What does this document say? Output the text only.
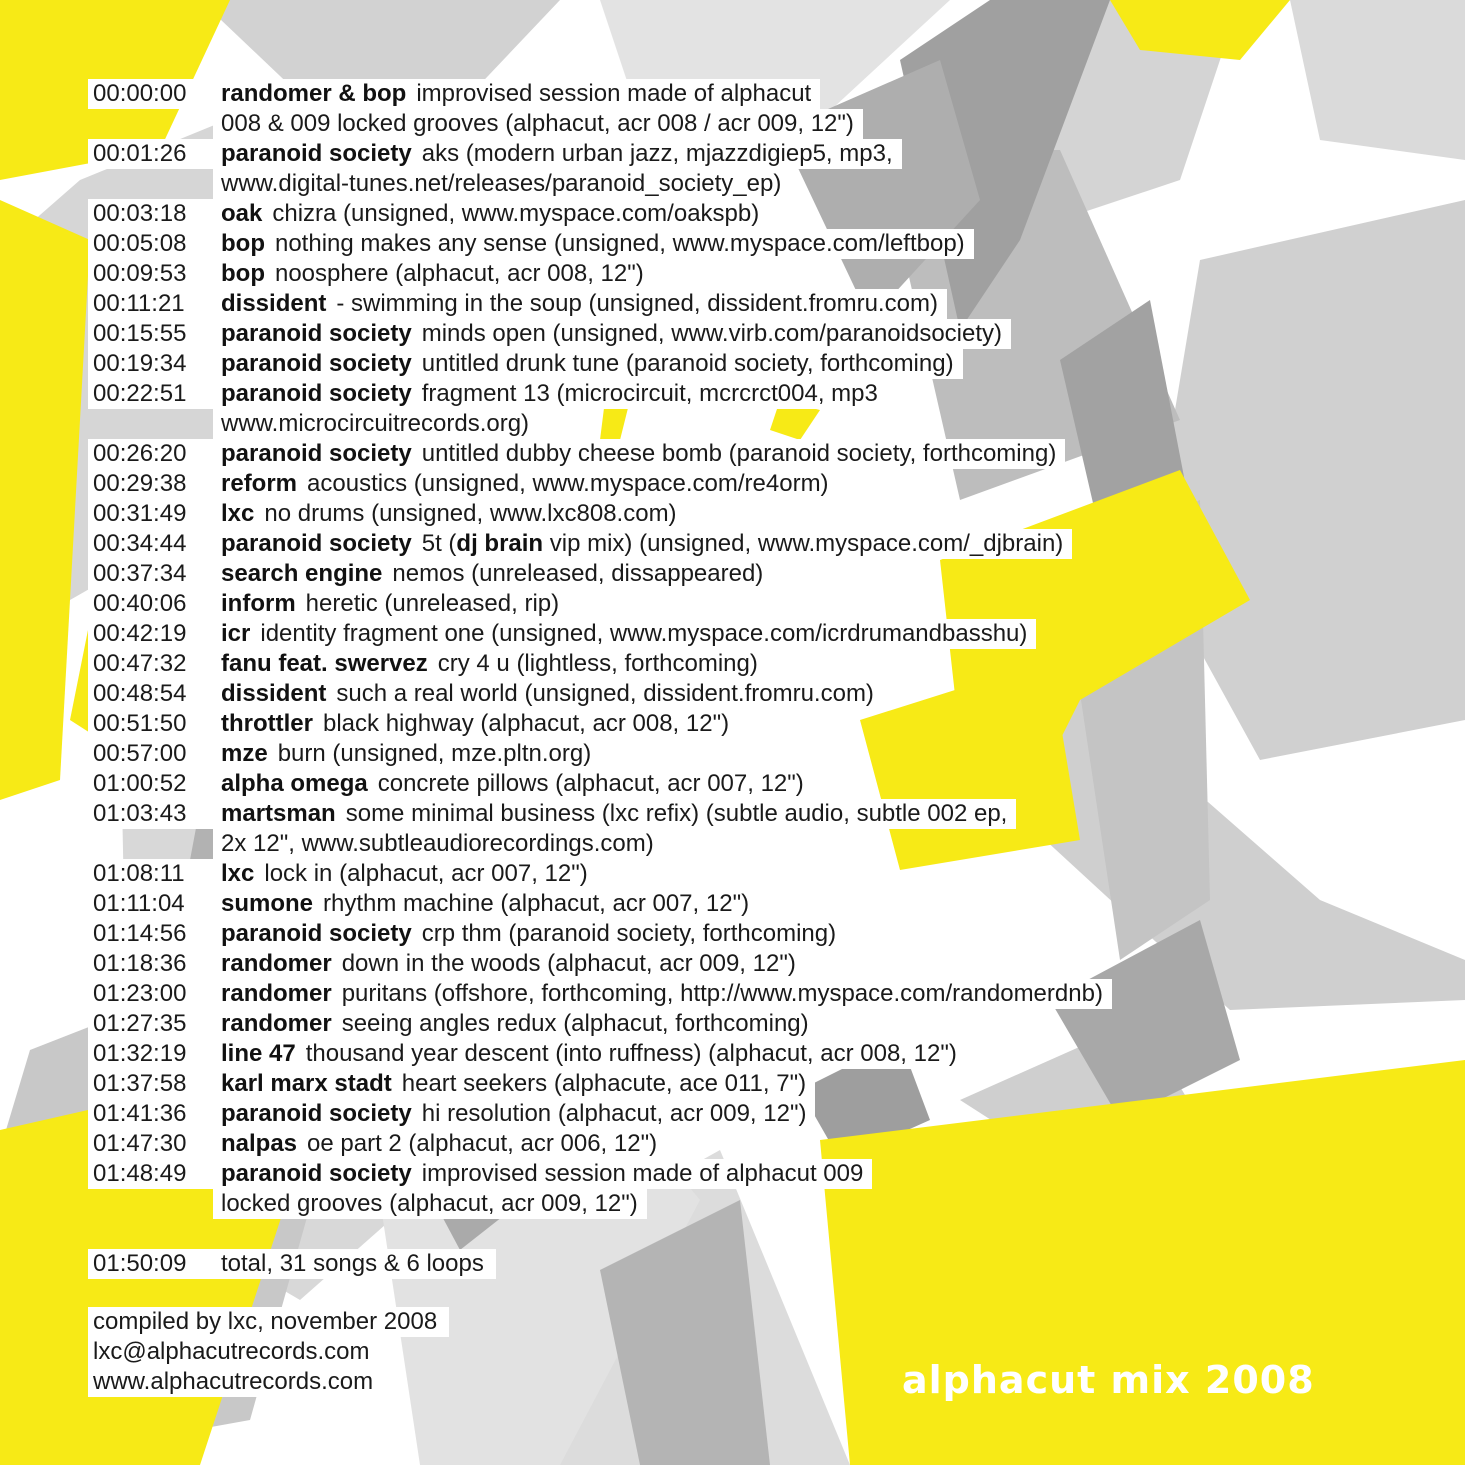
00:00:00	randomer & bop improvised session made of alphacut
008 & 009 locked grooves (alphacut, acr 008 / acr 009, 12")
00:01:26	paranoid society aks (modern urban jazz, mjazzdigiep5, mp3,
www.digital-tunes.net/releases/paranoid_society_ep)
00:03:18	oak chizra (unsigned, www.myspace.com/oakspb)
00:05:08	bop nothing makes any sense (unsigned, www.myspace.com/leftbop)
00:09:53	bop noosphere (alphacut, acr 008, 12")
00:11:21	dissident - swimming in the soup (unsigned, dissident.fromru.com)
00:15:55	paranoid society minds open (unsigned, www.virb.com/paranoidsociety)
00:19:34	paranoid society untitled drunk tune (paranoid society, forthcoming)
00:22:51	paranoid society fragment 13 (microcircuit, mcrcrct004, mp3
www.microcircuitrecords.org)
00:26:20	paranoid society untitled dubby cheese bomb (paranoid society, forthcoming)
00:29:38	reform acoustics (unsigned, www.myspace.com/re4orm)
00:31:49	lxc no drums (unsigned, www.lxc808.com)
00:34:44	paranoid society 5t (dj brain vip mix) (unsigned, www.myspace.com/_djbrain)
00:37:34	search engine nemos (unreleased, dissappeared)
00:40:06	inform heretic (unreleased, rip)
00:42:19	icr identity fragment one (unsigned, www.myspace.com/icrdrumandbasshu)
00:47:32	fanu feat. swervez cry 4 u (lightless, forthcoming)
00:48:54	dissident such a real world (unsigned, dissident.fromru.com)
00:51:50	throttler black highway (alphacut, acr 008, 12")
00:57:00	mze burn (unsigned, mze.pltn.org)
01:00:52	alpha omega concrete pillows (alphacut, acr 007, 12")
01:03:43	martsman some minimal business (lxc refix) (subtle audio, subtle 002 ep,
2x 12", www.subtleaudiorecordings.com)
01:08:11	lxc lock in (alphacut, acr 007, 12")
01:11:04	sumone rhythm machine (alphacut, acr 007, 12")
01:14:56	paranoid society crp thm (paranoid society, forthcoming)
01:18:36	randomer down in the woods (alphacut, acr 009, 12")
01:23:00	randomer puritans (offshore, forthcoming, http://www.myspace.com/randomerdnb)
01:27:35	randomer seeing angles redux (alphacut, forthcoming)
01:32:19	line 47 thousand year descent (into ruffness) (alphacut, acr 008, 12")
01:37:58	karl marx stadt heart seekers (alphacute, ace 011, 7")
01:41:36	paranoid society hi resolution (alphacut, acr 009, 12")
01:47:30	nalpas oe part 2 (alphacut, acr 006, 12")
01:48:49	paranoid society improvised session made of alphacut 009
locked grooves (alphacut, acr 009, 12")
01:50:09	total, 31 songs & 6 loops
compiled by lxc, november 2008
lxc@alphacutrecords.com
www.alphacutrecords.com	alphacut mix 2008
